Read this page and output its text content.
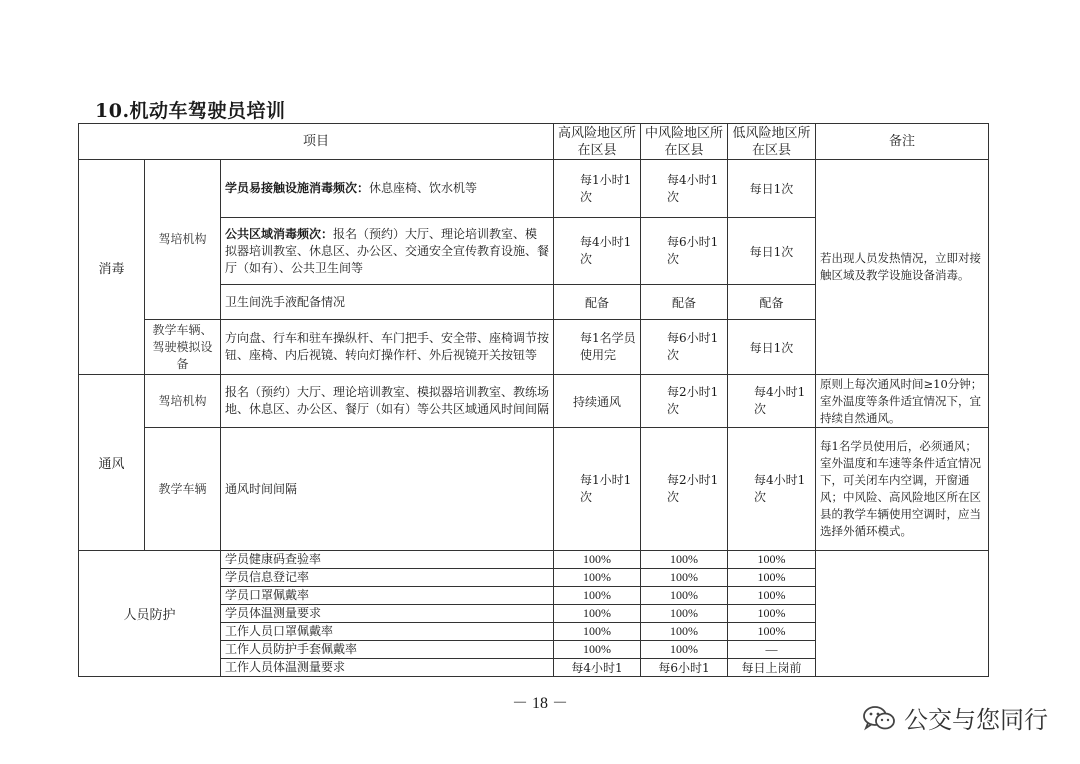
10.机动车驾驶员培训
项目			高风险地区所在区县	中风险地区所在区县	低风险地区所在区县	备注
消毒	驾培机构	学员易接触设施消毒频次：休息座椅、饮水机等	每1小时1次	每4小时1次	每日1次	若出现人员发热情况，立即对接触区域及教学设施设备消毒。
		公共区域消毒频次：报名（预约）大厅、理论培训教室、模拟器培训教室、休息区、办公区、交通安全宣传教育设施、餐厅（如有）、公共卫生间等	每4小时1次	每6小时1次	每日1次	
		卫生间洗手液配备情况	配备	配备	配备	
	教学车辆、驾驶模拟设备	方向盘、行车和驻车操纵杆、车门把手、安全带、座椅调节按钮、座椅、内后视镜、转向灯操作杆、外后视镜开关按钮等	每1名学员使用完	每6小时1次	每日1次	
通风	驾培机构	报名（预约）大厅、理论培训教室、模拟器培训教室、教练场地、休息区、办公区、餐厅（如有）等公共区域通风时间间隔	持续通风	每2小时1次	每4小时1次	原则上每次通风时间≥10分钟；室外温度等条件适宜情况下，宜持续自然通风。
	教学车辆	通风时间间隔	每1小时1次	每2小时1次	每4小时1次	每1名学员使用后，必须通风；室外温度和车速等条件适宜情况下，可关闭车内空调，开窗通风；中风险、高风险地区所在区县的教学车辆使用空调时，应当选择外循环模式。
人员防护		学员健康码查验率	100%	100%	100%	
		学员信息登记率	100%	100%	100%	
		学员口罩佩戴率	100%	100%	100%	
		学员体温测量要求	100%	100%	100%	
		工作人员口罩佩戴率	100%	100%	100%	
		工作人员防护手套佩戴率	100%	100%	—	
		工作人员体温测量要求	每4小时1	每6小时1	每日上岗前	
－ 18 －
公交与您同行
